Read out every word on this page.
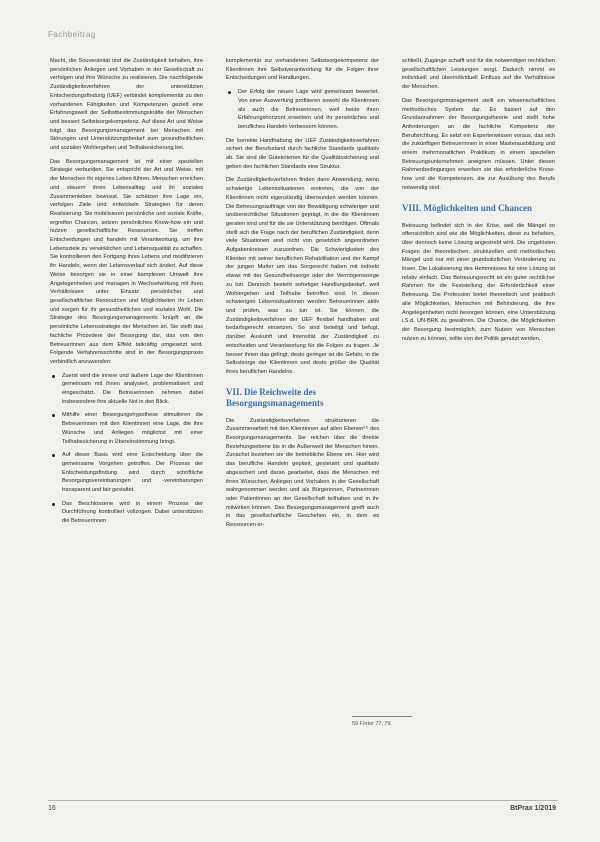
Fachbeitrag

Macht, die Souveränität und die Zuständigkeit behalten, ihre persönlichen Anliegen und Vorhaben in der Gesellschaft zu verfolgen und ihre Wünsche zu realisieren. Die nachfolgende Zuständigkeitsverfahren der unterstützten Entscheidungsfindung (UEF) verbindet komplementär zu den vorhandenen Fähigkeiten und Kompetenzen gezielt eine Erfahrungswelt der Selbstbestimmungskräfte der Menschen und bessert Selbstsorgekompetenz. Auf diese Art und Weise trägt das Besorgungsmanagement bei Menschen mit Störungen und Unterstützungsbedarf zum gesundheitlichen und sozialen Wohlergehen und Teilhabesicherung bei.

Das Besorgungsmanagement ist mit einer speziellen Strategie verbunden. Sie entspricht der Art und Weise, mit der Menschen ihr eigenes Leben führen. Menschen erreichen und steuern ihren Lebensalltag und ihr soziales Zusammenleben bewusst. Sie schätzen ihre Lage ein, verfolgen Ziele und entwickeln Strategien für deren Realisierung. Sie mobilisieren persönliche und soziale Kräfte, ergreifen Chancen, setzen persönliches Know-how ein und nutzen gesellschaftliche Ressourcen. Sie treffen Entscheidungen und handeln mit Verantwortung, um ihre Lebensziele zu verwirklichen und Lebensqualität zu schaffen. Sie kontrollieren den Fortgang ihres Lebens und modifizieren ihr Handeln, wenn der Lebensverlauf sich ändert. Auf diese Weise besorgen sie in einer komplexen Umwelt ihre Angelegenheiten und managen in Wechselwirkung mit ihren Verhältnissen unter Einsatz persönlicher und gesellschaftlicher Ressourcen und Möglichkeiten ihr Leben und sorgen für ihr gesundheitliches und soziales Wohl. Die Strategie des Besorgungsmanagements knüpft an die persönliche Lebensstrategie der Menschen an. Sie stellt das fachliche Prozedere der Besorgung dar, das von den Betreuerinnen aus dem Effekt tatkräftig umgesetzt wird. Folgende Verfahrensschritte sind in der Besorgungspraxis verbindlich anzuwenden:

Zuerst wird die innere und äußere Lage der Klientinnen gemeinsam mit ihnen analysiert, problematisiert und eingeschätzt. Die Betreuerinnen nehmen dabei insbesondere ihre aktuelle Not in den Blick.
Mithilfe einer Besorgungshypothese stimulieren die Betreuerinnen mit den Klientinnen eine Lage, die ihre Wünsche und Anliegen möglichst mit einer Teilhabesicherung in Übereinstimmung bringt.
Auf dieser Basis wird eine Entscheidung über die gemeinsame Vorgehen getroffen. Der Prozess der Entscheidungsfindung wird durch schriftliche Besorgungsvereinbarungen und -vereinbarungen transparent und fair gestaltet.
Das Beschlossene wird in einem Prozess der Durchführung kontrolliert vollzogen. Dabei unterstützen die Betreuerinnen

komplementär zur vorhandenen Selbstsorgekompetenz der Klientinnen ihre Selbstverantwortung für die Folgen ihrer Entscheidungen und Handlungen.

Der Erfolg der neuen Lage wird gemeinsam bewertet. Von einer Auswertung profitieren sowohl die Klientinnen als auch die Betreuerinnen, weil beide ihren Erfahrungshorizont erweitern und ihr persönliches und berufliches Handeln verbessern können.

Die korrekte Handhabung der UEF Zuständigkeitsverfahren sichert der Berufsstand durch fachliche Standards qualitativ ab. Sie sind die Gütekriterien für die Qualitätssicherung und geben den fachlichen Standards eine Struktur.

Die Zuständigkeitsverfahren finden dann Anwendung, wenn schwierige Lebenssituationen eintreten, die von der Klientinnen nicht eigenständig überwunden werden können. Die Betreuungsaufträge von der Bewältigung schwieriger und unübersichtlicher Situationen geprägt, in die die Klientinnen geraten sind und für die sie Unterstützung benötigen. Oftmals stellt sich die Frage nach der beruflichen Zuständigkeit, denn viele Situationen sind nicht von gesetzlich angeordneten Aufgabenkreisen zuzuordnen. Die Schwierigkeiten des Klienten mit seiner beruflichen Rehabilitation und der Kampf der jungen Mutter um das Sorgerecht haben mit indirekt etwas mit der Gesundheitssorge oder der Vermögenssorge zu tun. Dennoch besteht sofortiger Handlungsbedarf, weil Wohlergehen und Teilhabe betroffen sind. In diesen schwierigen Lebenssituationen werden Betreuerinnen aktiv und prüfen, was zu tun ist. Sie können die Zuständigkeitsverfahren der UEF flexibel handhaben und bedarfsgerecht einsetzen. So sind beteiligt und befugt, darüber Auskunft und Intensität der Zuständigkeit zu entscheiden und Verantwortung für die Folgen zu tragen. Je besser ihnen das gelingt, desto geringer ist die Gefahr, in die Selbstsorge der Klientinnen und desto größer die Qualität ihres beruflichen Handelns.

VII. Die Reichweite des Besorgungsmanagements

Die Zuständigkeitsverfahren strukturieren die Zusammenarbeit mit den Klientinnen auf allen Ebenen⁵⁹ des Besorgungsmanagements. Sie reichen über die direkte Beziehungsebene bis in die Außenwelt der Menschen hinein. Zunächst beziehen sie die betriebliche Ebene ein. Hier wird das berufliche Handeln geplant, gesteuert und qualitativ abgesichert und daran gearbeitet, dass die Menschen mit ihren Wünschen, Anliegen und Vorhaben in der Gesellschaft wahrgenommen werden und als Bürgerinnen, Partnerinnen oder Patientinnen an der Gesellschaft teilhaben und in ihr mitwirken können. Das Besorgungsmanagement greift auch in das gesellschaftliche Geschehen ein, in dem es Ressourcen er-

schließt, Zugänge schafft und für die notwendigen rechtlichen gesellschaftlichen Leistungen sorgt. Dadurch nimmt es individuell und überindividuell Einfluss auf die Verhältnisse der Menschen.

Das Besorgungsmanagement stellt ein wissenschaftliches methodisches System dar. Es basiert auf den Grundannahmen der Besorgungstheorie und stellt hohe Anforderungen an die fachliche Kompetenz der Berufsrichtung. Es setzt ein Expertenwissen voraus, das sich die zukünftigen Betreuerinnen in einer Masterausbildung und einem mehrmonatlichen Praktikum in einem speziellen Betreuungsunternehmen aneignen müssen. Unter diesen Rahmenbedingungen erwerben sie das erforderliche Know-how und die Kompetenzen, die zur Ausübung des Berufs notwendig sind.

VIII. Möglichkeiten und Chancen

Betreuung befindet sich in der Krise, weil die Mängel so offensichtlich sind wie die Möglichkeiten, diese zu beheben, über dennoch keine Lösung angestrebt wird. Die ungelösten Fragen der theoretischen, strukturellen und methodischen Mängel und nur mit einer grundsätzlichen Veränderung zu lösen. Die Lokalisierung des Hemmnisses für eine Lösung ist relativ einfach. Das Betreuungsrecht ist ein guter rechtlicher Rahmen für die Feststellung der Erforderlichkeit einer Betreuung. Die Profession bietet theoretisch und praktisch alle Möglichkeiten, Menschen mit Behinderung, die ihre Angelegenheiten nicht besorgen können, eine Unterstützung i.S.d. UN-BRK zu gewähren. Die Chance, die Möglichkeiten der Besorgung bestmöglich, zum Nutzen von Menschen nutzen zu können, sollte von der Politik genutzt werden.

59 Förter 77, 79.
16	BtPrax 1/2019
